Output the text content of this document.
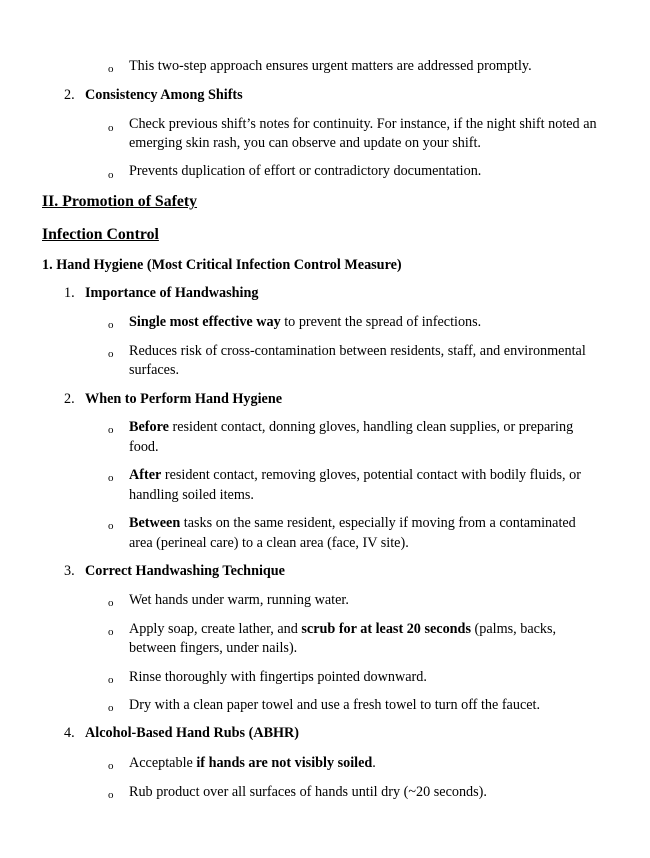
o This two-step approach ensures urgent matters are addressed promptly.
2. Consistency Among Shifts
o Check previous shift’s notes for continuity. For instance, if the night shift noted an
emerging skin rash, you can observe and update on your shift.
o Prevents duplication of effort or contradictory documentation.
II. Promotion of Safety
Infection Control
1. Hand Hygiene (Most Critical Infection Control Measure)
1. Importance of Handwashing
o Single most effective way to prevent the spread of infections.
o Reduces risk of cross-contamination between residents, staff, and environmental
surfaces.
2. When to Perform Hand Hygiene
o Before resident contact, donning gloves, handling clean supplies, or preparing
food.
o After resident contact, removing gloves, potential contact with bodily fluids, or
handling soiled items.
o Between tasks on the same resident, especially if moving from a contaminated
area (perineal care) to a clean area (face, IV site).
3. Correct Handwashing Technique
o Wet hands under warm, running water.
o Apply soap, create lather, and scrub for at least 20 seconds (palms, backs,
between fingers, under nails).
o Rinse thoroughly with fingertips pointed downward.
o Dry with a clean paper towel and use a fresh towel to turn off the faucet.
4. Alcohol-Based Hand Rubs (ABHR)
o Acceptable if hands are not visibly soiled.
o Rub product over all surfaces of hands until dry (~20 seconds).
